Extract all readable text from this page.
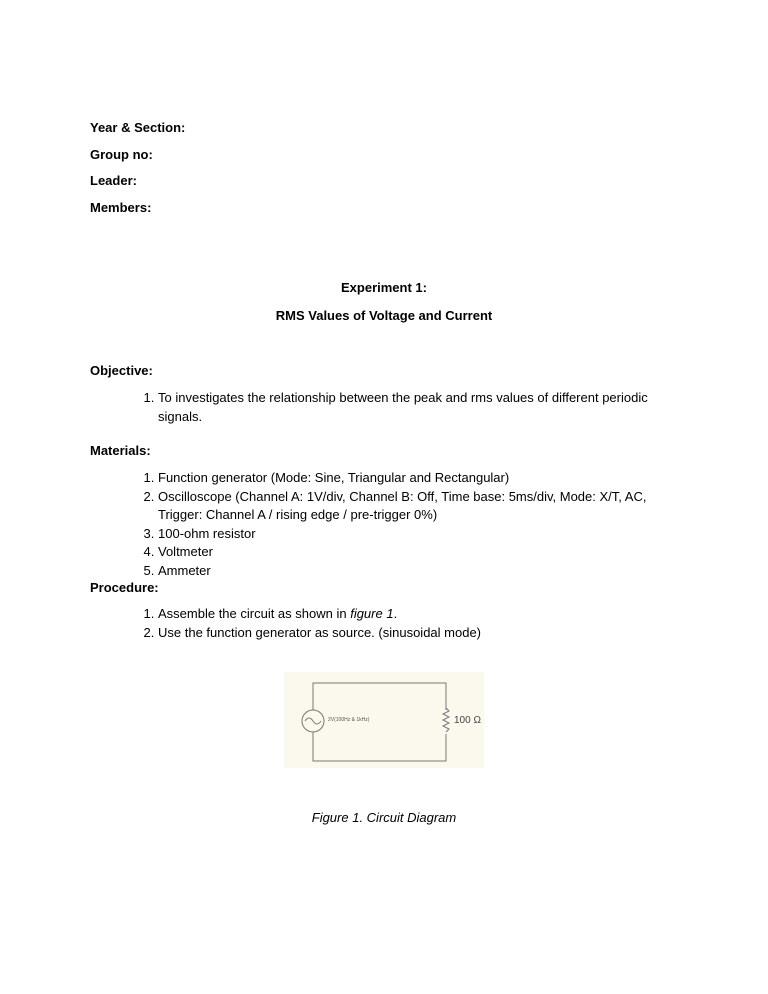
Year & Section:
Group no:
Leader:
Members:
Experiment 1:
RMS Values of Voltage and Current
Objective:
1. To investigates the relationship between the peak and rms values of different periodic signals.
Materials:
1. Function generator (Mode: Sine, Triangular and Rectangular)
2. Oscilloscope (Channel A: 1V/div, Channel B: Off, Time base: 5ms/div, Mode: X/T, AC, Trigger: Channel A / rising edge / pre-trigger 0%)
3. 100-ohm resistor
4. Voltmeter
5. Ammeter
Procedure:
1. Assemble the circuit as shown in figure 1.
2. Use the function generator as source. (sinusoidal mode)
2V(100Hz & 1kHz)	100 Ω
Figure 1. Circuit Diagram
